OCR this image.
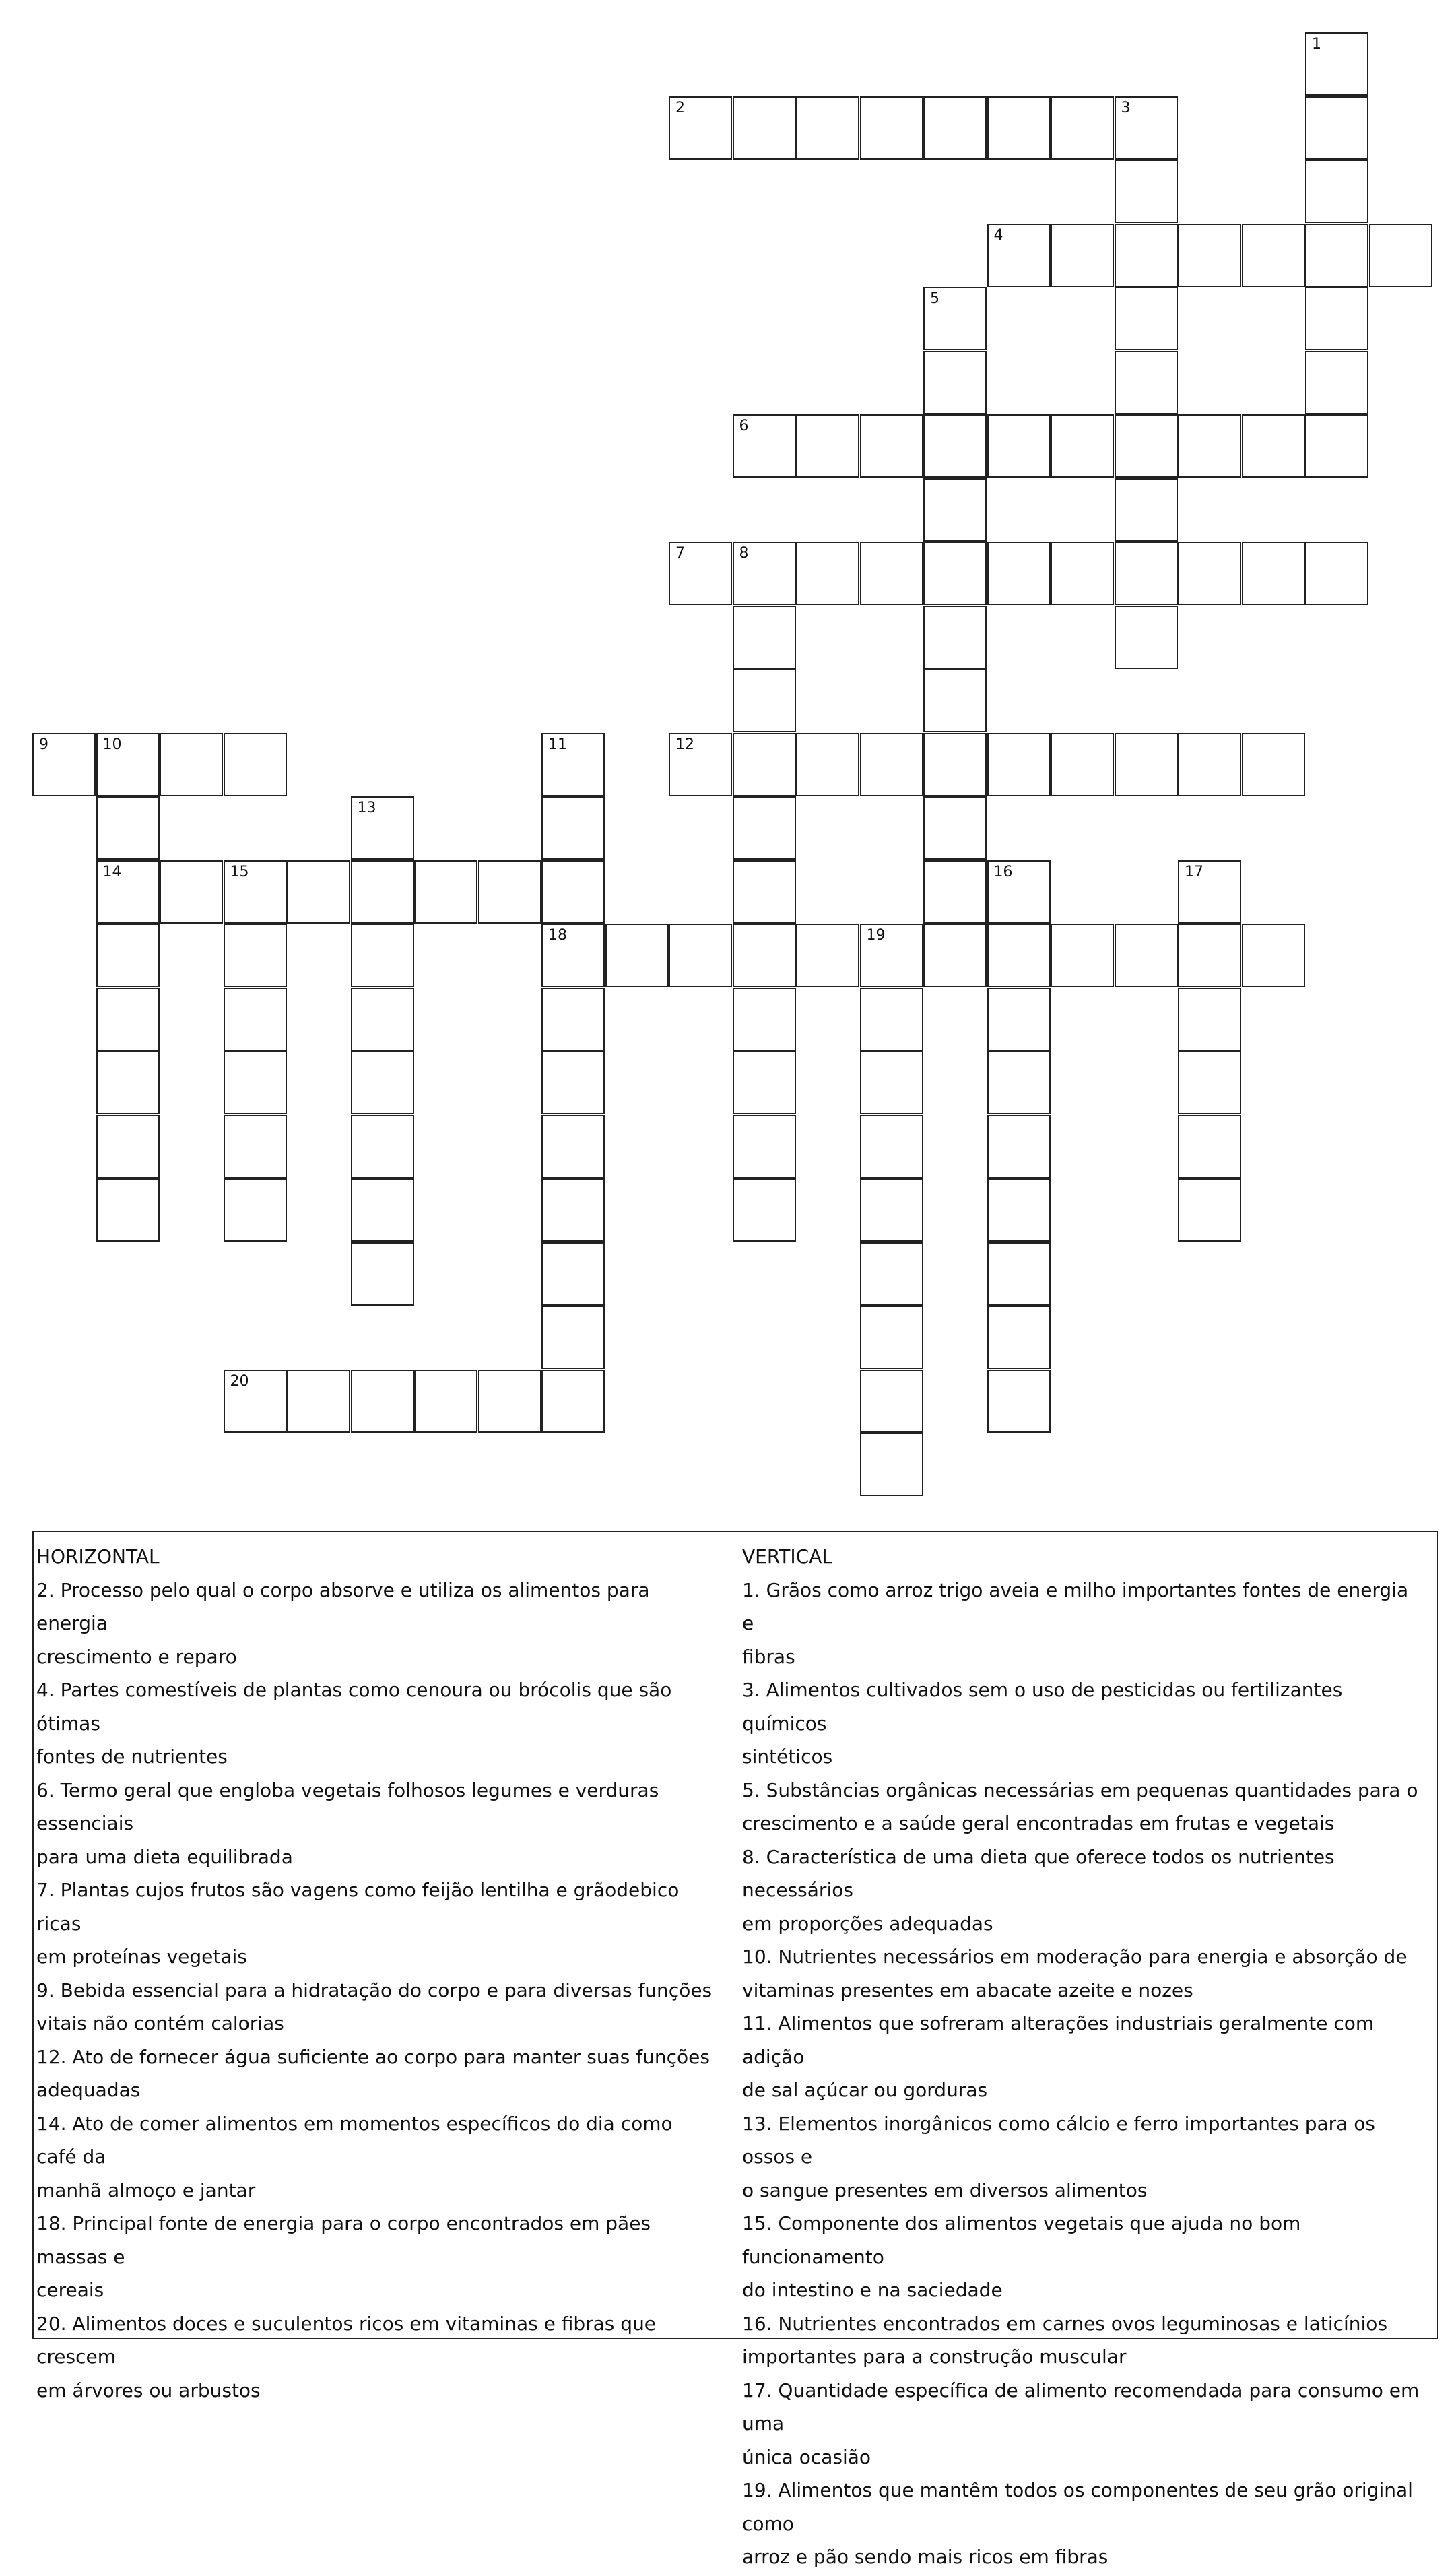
1
2	3
4
5
6
7	8
9	10
14
11
18
12
13
15	16	17
19
20

HORIZONTAL

2. Processo pelo qual o corpo absorve e utiliza os alimentos para energia

crescimento e reparo

4. Partes comestíveis de plantas como cenoura ou brócolis que são ótimas

fontes de nutrientes

6. Termo geral que engloba vegetais folhosos legumes e verduras essenciais

para uma dieta equilibrada

7. Plantas cujos frutos são vagens como feijão lentilha e grãodebico ricas

em proteínas vegetais

9. Bebida essencial para a hidratação do corpo e para diversas funções

vitais não contém calorias

12. Ato de fornecer água suficiente ao corpo para manter suas funções

adequadas

14. Ato de comer alimentos em momentos específicos do dia como café da

manhã almoço e jantar

18. Principal fonte de energia para o corpo encontrados em pães massas e

cereais

20. Alimentos doces e suculentos ricos em vitaminas e fibras que crescem

em árvores ou arbustos

VERTICAL

1. Grãos como arroz trigo aveia e milho importantes fontes de energia e

fibras

3. Alimentos cultivados sem o uso de pesticidas ou fertilizantes químicos

sintéticos

5. Substâncias orgânicas necessárias em pequenas quantidades para o

crescimento e a saúde geral encontradas em frutas e vegetais

8. Característica de uma dieta que oferece todos os nutrientes necessários

em proporções adequadas

10. Nutrientes necessários em moderação para energia e absorção de

vitaminas presentes em abacate azeite e nozes

11. Alimentos que sofreram alterações industriais geralmente com adição

de sal açúcar ou gorduras

13. Elementos inorgânicos como cálcio e ferro importantes para os ossos e

o sangue presentes em diversos alimentos

15. Componente dos alimentos vegetais que ajuda no bom funcionamento

do intestino e na saciedade

16. Nutrientes encontrados em carnes ovos leguminosas e laticínios

importantes para a construção muscular

17. Quantidade específica de alimento recomendada para consumo em uma

única ocasião

19. Alimentos que mantêm todos os componentes de seu grão original como

arroz e pão sendo mais ricos em fibras
